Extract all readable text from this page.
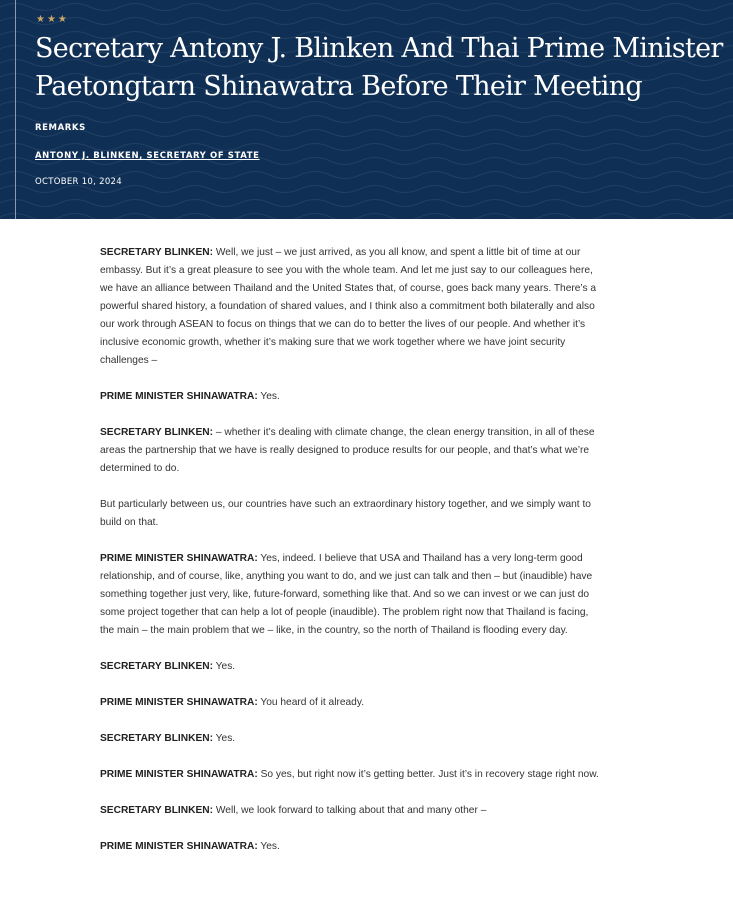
★★★
Secretary Antony J. Blinken And Thai Prime Minister Paetongtarn Shinawatra Before Their Meeting
REMARKS
ANTONY J. BLINKEN, SECRETARY OF STATE
OCTOBER 10, 2024

SECRETARY BLINKEN: Well, we just – we just arrived, as you all know, and spent a little bit of time at our embassy. But it’s a great pleasure to see you with the whole team. And let me just say to our colleagues here, we have an alliance between Thailand and the United States that, of course, goes back many years. There’s a powerful shared history, a foundation of shared values, and I think also a commitment both bilaterally and also our work through ASEAN to focus on things that we can do to better the lives of our people. And whether it’s inclusive economic growth, whether it’s making sure that we work together where we have joint security challenges –

PRIME MINISTER SHINAWATRA: Yes.

SECRETARY BLINKEN: – whether it’s dealing with climate change, the clean energy transition, in all of these areas the partnership that we have is really designed to produce results for our people, and that’s what we’re determined to do.

But particularly between us, our countries have such an extraordinary history together, and we simply want to build on that.

PRIME MINISTER SHINAWATRA: Yes, indeed. I believe that USA and Thailand has a very long-term good relationship, and of course, like, anything you want to do, and we just can talk and then – but (inaudible) have something together just very, like, future-forward, something like that. And so we can invest or we can just do some project together that can help a lot of people (inaudible). The problem right now that Thailand is facing, the main – the main problem that we – like, in the country, so the north of Thailand is flooding every day.

SECRETARY BLINKEN: Yes.

PRIME MINISTER SHINAWATRA: You heard of it already.

SECRETARY BLINKEN: Yes.

PRIME MINISTER SHINAWATRA: So yes, but right now it’s getting better. Just it’s in recovery stage right now.

SECRETARY BLINKEN: Well, we look forward to talking about that and many other –

PRIME MINISTER SHINAWATRA: Yes.
